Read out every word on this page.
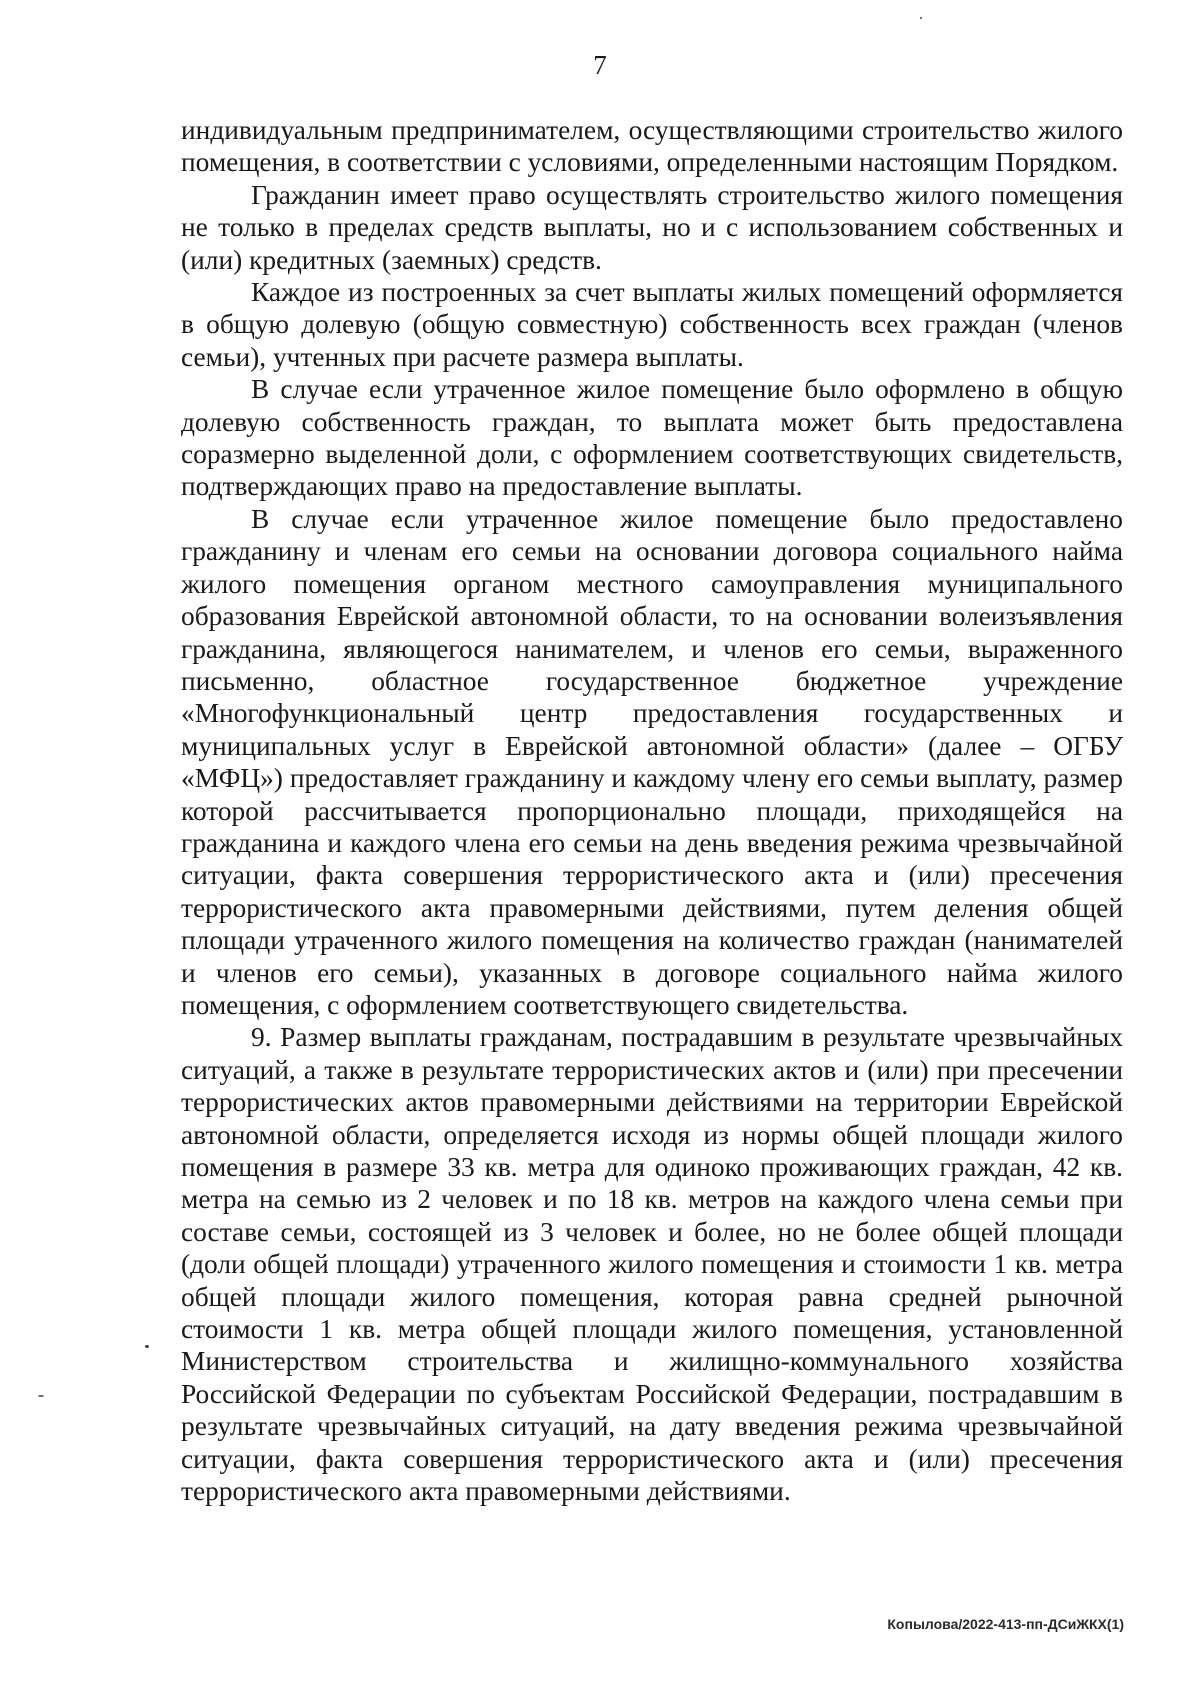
7

индивидуальным предпринимателем, осуществляющими строительство жилого помещения, в соответствии с условиями, определенными настоящим Порядком.

Гражданин имеет право осуществлять строительство жилого помещения не только в пределах средств выплаты, но и с использованием собственных и (или) кредитных (заемных) средств.

Каждое из построенных за счет выплаты жилых помещений оформляется в общую долевую (общую совместную) собственность всех граждан (членов семьи), учтенных при расчете размера выплаты.

В случае если утраченное жилое помещение было оформлено в общую долевую собственность граждан, то выплата может быть предоставлена соразмерно выделенной доли, с оформлением соответствующих свидетельств, подтверждающих право на предоставление выплаты.

В случае если утраченное жилое помещение было предоставлено гражданину и членам его семьи на основании договора социального найма жилого помещения органом местного самоуправления муниципального образования Еврейской автономной области, то на основании волеизъявления гражданина, являющегося нанимателем, и членов его семьи, выраженного письменно, областное государственное бюджетное учреждение «Многофункциональный центр предоставления государственных и муниципальных услуг в Еврейской автономной области» (далее – ОГБУ «МФЦ») предоставляет гражданину и каждому члену его семьи выплату, размер которой рассчитывается пропорционально площади, приходящейся на гражданина и каждого члена его семьи на день введения режима чрезвычайной ситуации, факта совершения террористического акта и (или) пресечения террористического акта правомерными действиями, путем деления общей площади утраченного жилого помещения на количество граждан (нанимателей и членов его семьи), указанных в договоре социального найма жилого помещения, с оформлением соответствующего свидетельства.

9. Размер выплаты гражданам, пострадавшим в результате чрезвычайных ситуаций, а также в результате террористических актов и (или) при пресечении террористических актов правомерными действиями на территории Еврейской автономной области, определяется исходя из нормы общей площади жилого помещения в размере 33 кв. метра для одиноко проживающих граждан, 42 кв. метра на семью из 2 человек и по 18 кв. метров на каждого члена семьи при составе семьи, состоящей из 3 человек и более, но не более общей площади (доли общей площади) утраченного жилого помещения и стоимости 1 кв. метра общей площади жилого помещения, которая равна средней рыночной стоимости 1 кв. метра общей площади жилого помещения, установленной Министерством строительства и жилищно-коммунального хозяйства Российской Федерации по субъектам Российской Федерации, пострадавшим в результате чрезвычайных ситуаций, на дату введения режима чрезвычайной ситуации, факта совершения террористического акта и (или) пресечения террористического акта правомерными действиями.

Копылова/2022-413-пп-ДСиЖКХ(1)
